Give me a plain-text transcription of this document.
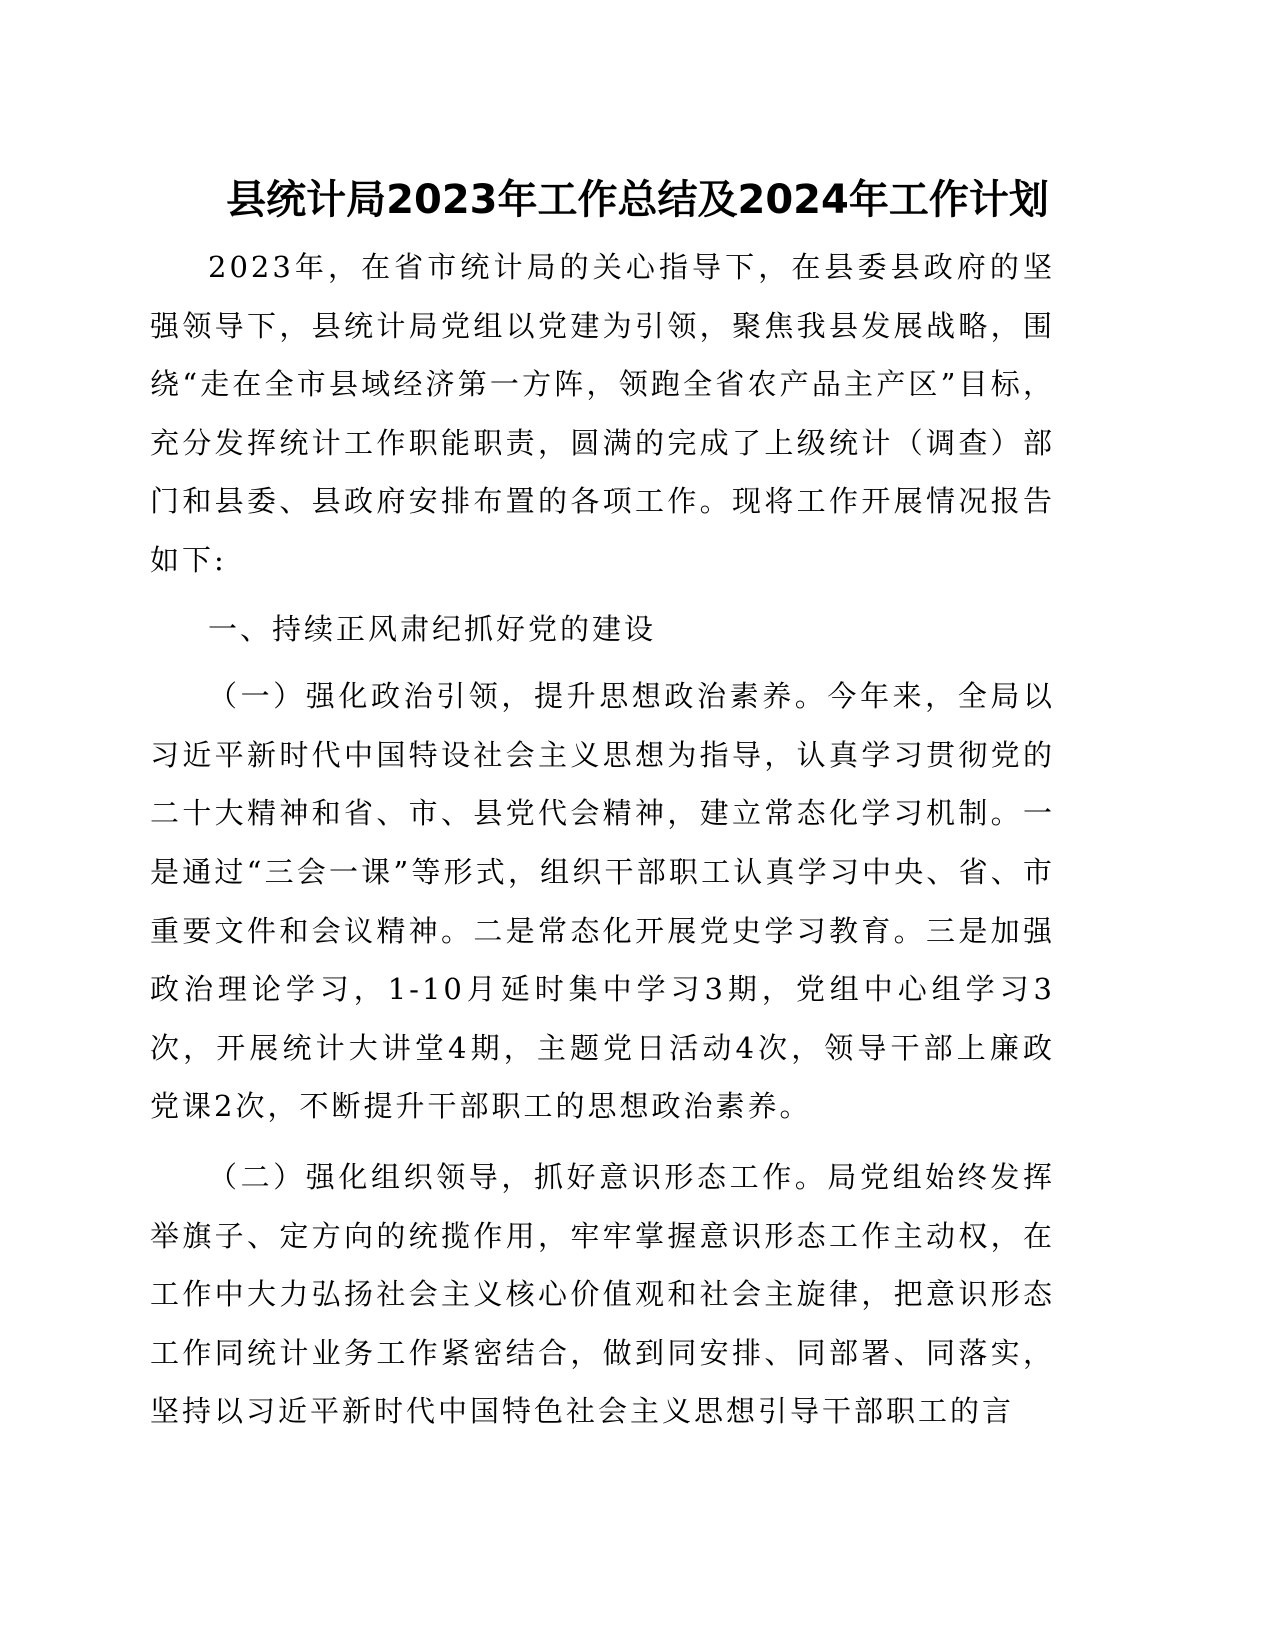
县统计局2023年工作总结及2024年工作计划

2023年，在省市统计局的关心指导下，在县委县政府的坚强领导下，县统计局党组以党建为引领，聚焦我县发展战略，围绕“走在全市县域经济第一方阵，领跑全省农产品主产区”目标，充分发挥统计工作职能职责，圆满的完成了上级统计（调查）部门和县委、县政府安排布置的各项工作。现将工作开展情况报告如下:

一、持续正风肃纪抓好党的建设

（一）强化政治引领，提升思想政治素养。今年来，全局以习近平新时代中国特设社会主义思想为指导，认真学习贯彻党的二十大精神和省、市、县党代会精神，建立常态化学习机制。一是通过“三会一课”等形式，组织干部职工认真学习中央、省、市重要文件和会议精神。二是常态化开展党史学习教育。三是加强政治理论学习，1-10月延时集中学习3期，党组中心组学习3次，开展统计大讲堂4期，主题党日活动4次，领导干部上廉政党课2次，不断提升干部职工的思想政治素养。

（二）强化组织领导，抓好意识形态工作。局党组始终发挥举旗子、定方向的统揽作用，牢牢掌握意识形态工作主动权，在工作中大力弘扬社会主义核心价值观和社会主旋律，把意识形态工作同统计业务工作紧密结合，做到同安排、同部署、同落实，坚持以习近平新时代中国特色社会主义思想引导干部职工的言
